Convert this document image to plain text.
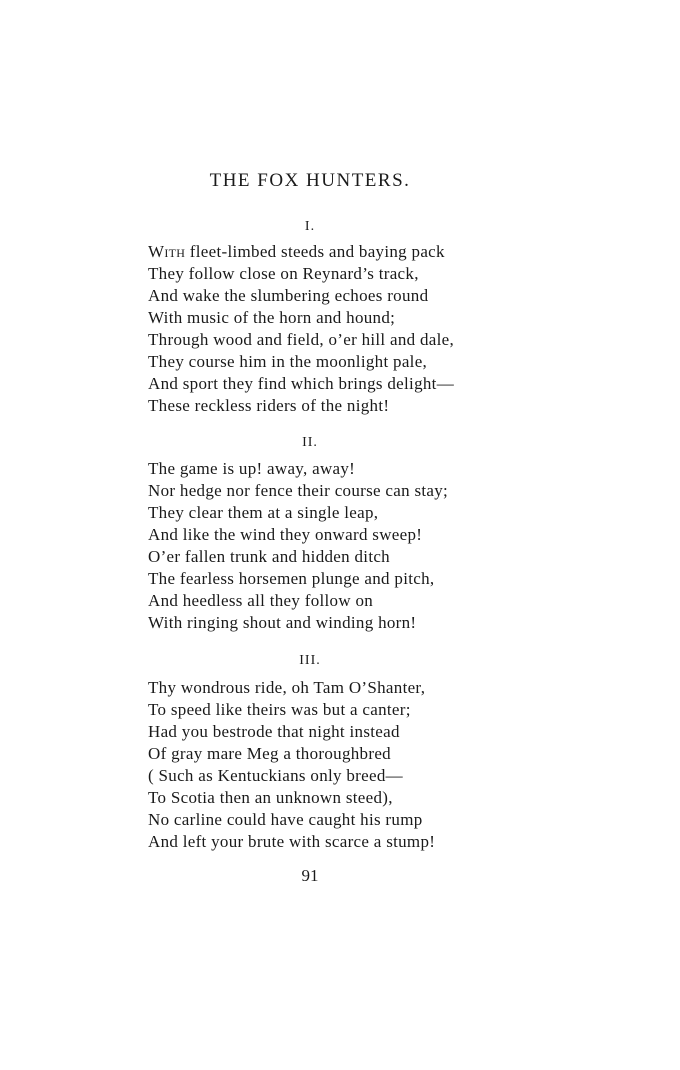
THE FOX HUNTERS.
I.
With fleet-limbed steeds and baying pack
They follow close on Reynard’s track,
And wake the slumbering echoes round
With music of the horn and hound;
Through wood and field, o’er hill and dale,
They course him in the moonlight pale,
And sport they find which brings delight—
These reckless riders of the night!
II.
The game is up! away, away!
Nor hedge nor fence their course can stay;
They clear them at a single leap,
And like the wind they onward sweep!
O’er fallen trunk and hidden ditch
The fearless horsemen plunge and pitch,
And heedless all they follow on
With ringing shout and winding horn!
III.
Thy wondrous ride, oh Tam O’Shanter,
To speed like theirs was but a canter;
Had you bestrode that night instead
Of gray mare Meg a thoroughbred
( Such as Kentuckians only breed—
To Scotia then an unknown steed),
No carline could have caught his rump
And left your brute with scarce a stump!
91
